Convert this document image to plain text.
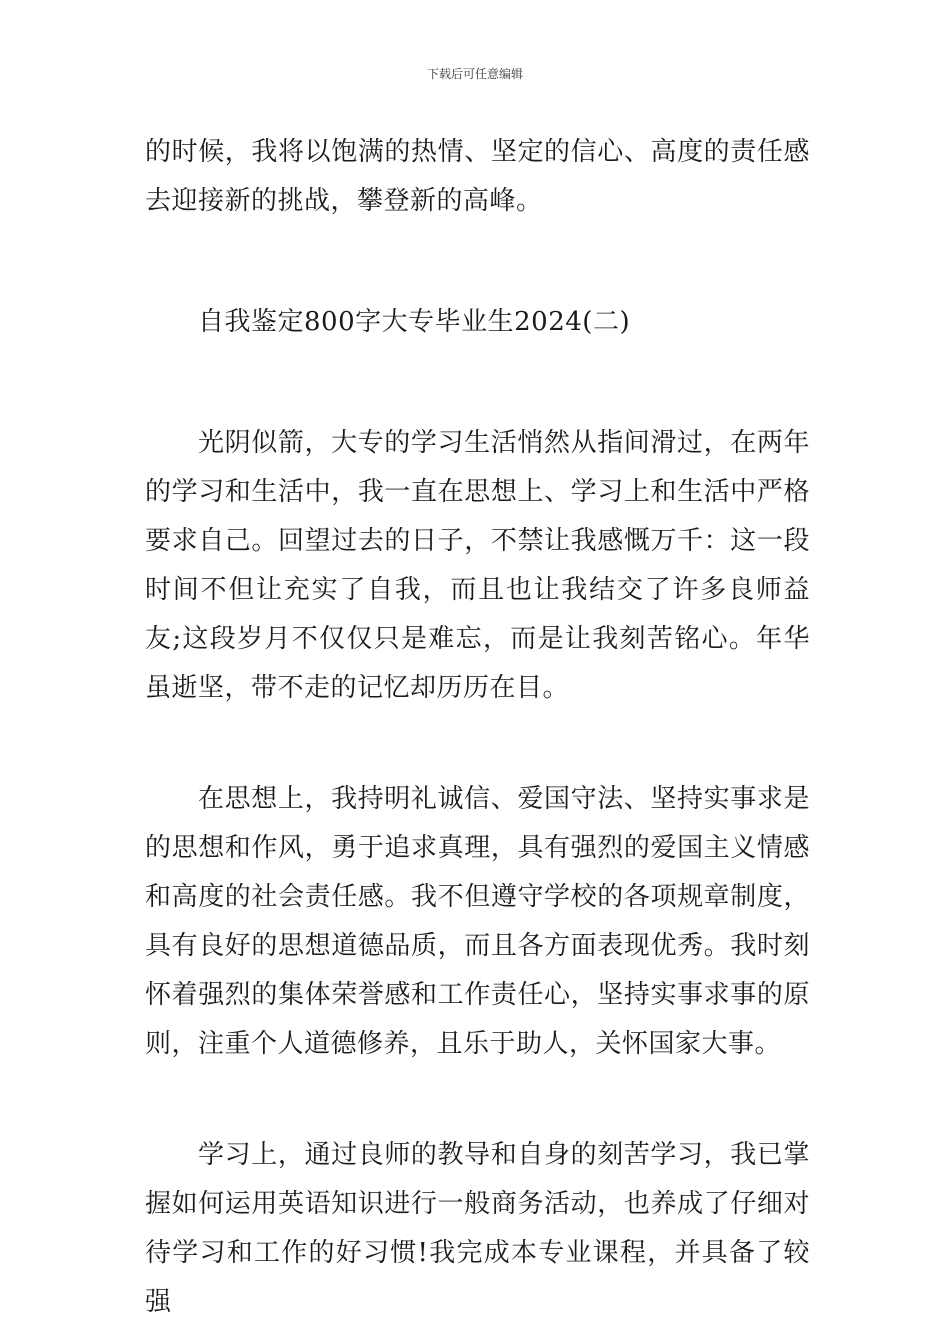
下载后可任意编辑

的时候，我将以饱满的热情、坚定的信心、高度的责任感去迎接新的挑战，攀登新的高峰。

自我鉴定800字大专毕业生2024(二)

光阴似箭，大专的学习生活悄然从指间滑过，在两年的学习和生活中，我一直在思想上、学习上和生活中严格要求自己。回望过去的日子，不禁让我感慨万千：这一段时间不但让充实了自我，而且也让我结交了许多良师益友;这段岁月不仅仅只是难忘，而是让我刻苦铭心。年华虽逝坚，带不走的记忆却历历在目。

在思想上，我持明礼诚信、爱国守法、坚持实事求是的思想和作风，勇于追求真理，具有强烈的爱国主义情感和高度的社会责任感。我不但遵守学校的各项规章制度，具有良好的思想道德品质，而且各方面表现优秀。我时刻怀着强烈的集体荣誉感和工作责任心，坚持实事求事的原则，注重个人道德修养，且乐于助人，关怀国家大事。

学习上，通过良师的教导和自身的刻苦学习，我已掌握如何运用英语知识进行一般商务活动，也养成了仔细对待学习和工作的好习惯!我完成本专业课程，并具备了较强
